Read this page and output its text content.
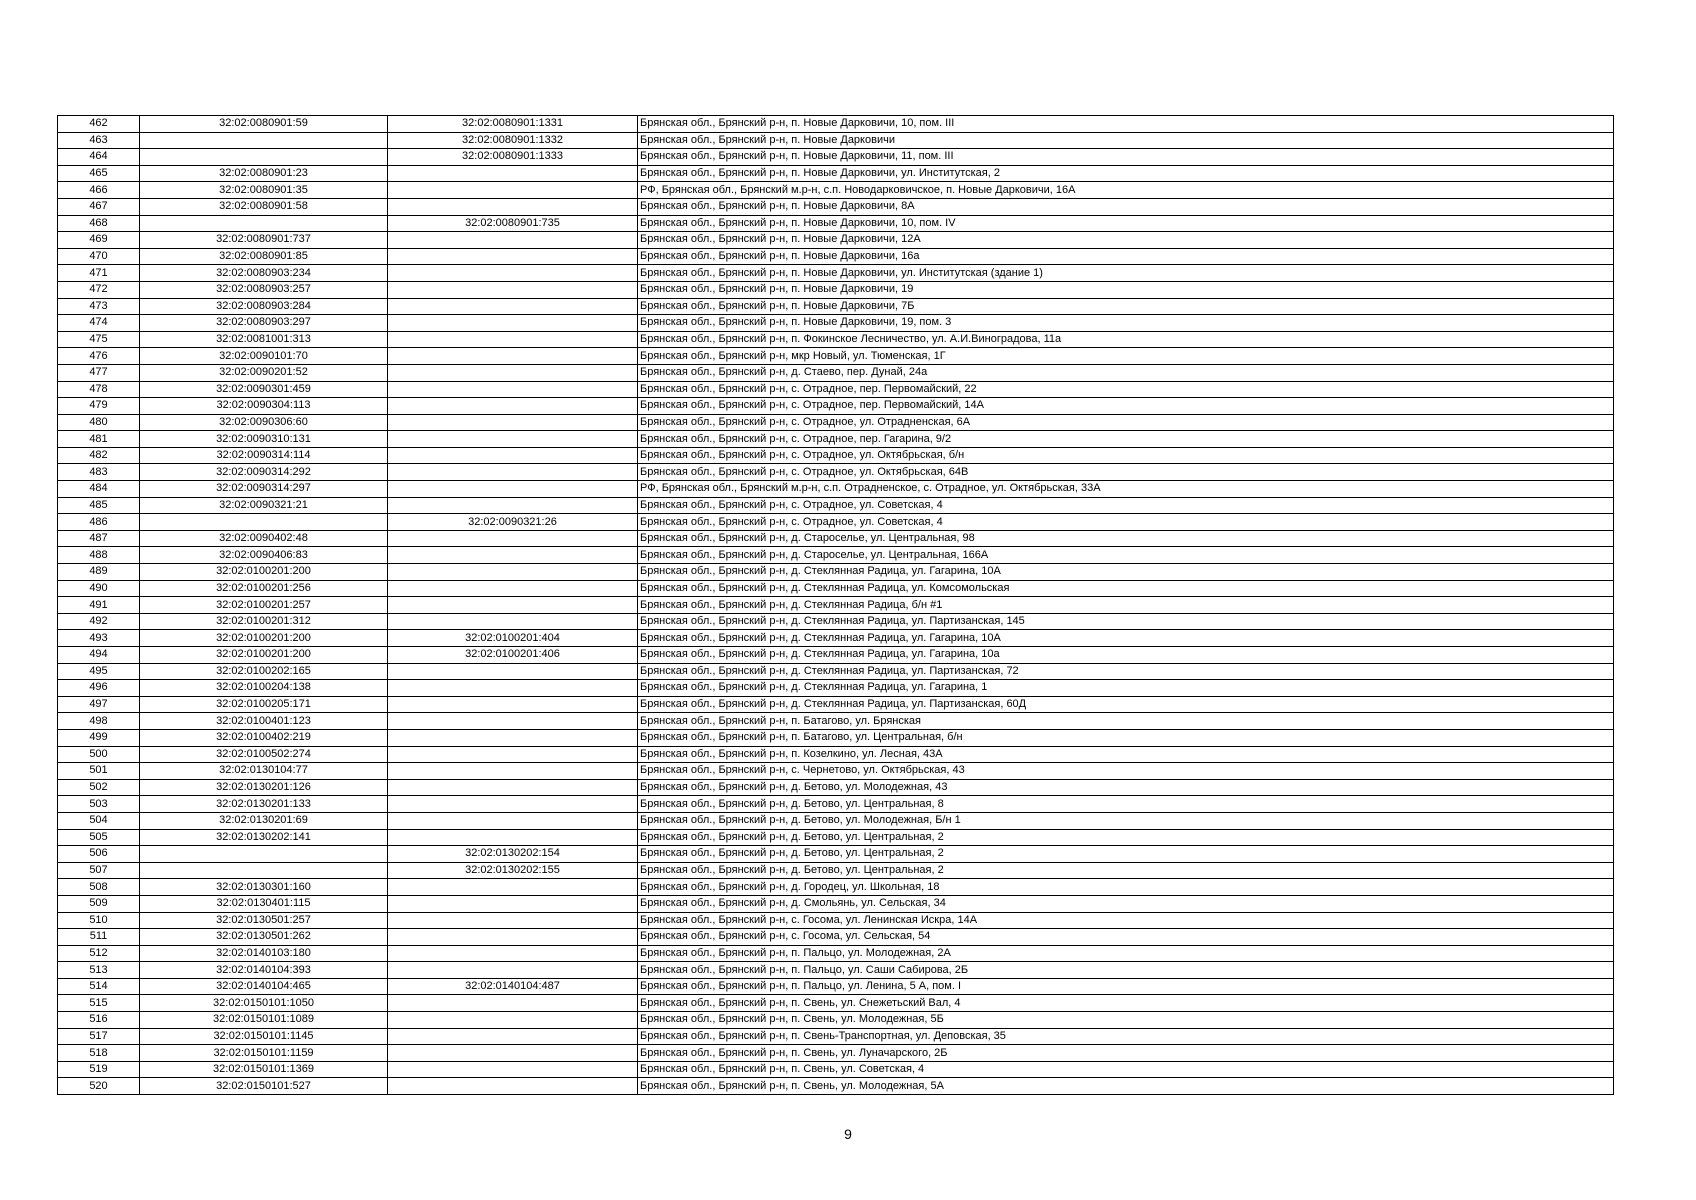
462	32:02:0080901:59	32:02:0080901:1331	Брянская обл., Брянский р-н, п. Новые Дарковичи, 10, пом. III
463		32:02:0080901:1332	Брянская обл., Брянский р-н, п. Новые Дарковичи
464		32:02:0080901:1333	Брянская обл., Брянский р-н, п. Новые Дарковичи, 11, пом. III
465	32:02:0080901:23		Брянская обл., Брянский р-н, п. Новые Дарковичи, ул. Институтская, 2
466	32:02:0080901:35		РФ, Брянская обл., Брянский м.р-н, с.п. Новодарковичское, п. Новые Дарковичи, 16А
467	32:02:0080901:58		Брянская обл., Брянский р-н, п. Новые Дарковичи, 8А
468		32:02:0080901:735	Брянская обл., Брянский р-н, п. Новые Дарковичи, 10, пом. IV
469	32:02:0080901:737		Брянская обл., Брянский р-н, п. Новые Дарковичи, 12А
470	32:02:0080901:85		Брянская обл., Брянский р-н, п. Новые Дарковичи, 16а
471	32:02:0080903:234		Брянская обл., Брянский р-н, п. Новые Дарковичи, ул. Институтская (здание 1)
472	32:02:0080903:257		Брянская обл., Брянский р-н, п. Новые Дарковичи, 19
473	32:02:0080903:284		Брянская обл., Брянский р-н, п. Новые Дарковичи, 7Б
474	32:02:0080903:297		Брянская обл., Брянский р-н, п. Новые Дарковичи, 19, пом. 3
475	32:02:0081001:313		Брянская обл., Брянский р-н, п. Фокинское Лесничество, ул. А.И.Виноградова, 11а
476	32:02:0090101:70		Брянская обл., Брянский р-н, мкр Новый, ул. Тюменская, 1Г
477	32:02:0090201:52		Брянская обл., Брянский р-н, д. Стаево, пер. Дунай, 24а
478	32:02:0090301:459		Брянская обл., Брянский р-н, с. Отрадное, пер. Первомайский, 22
479	32:02:0090304:113		Брянская обл., Брянский р-н, с. Отрадное, пер. Первомайский, 14А
480	32:02:0090306:60		Брянская обл., Брянский р-н, с. Отрадное, ул. Отрадненская, 6А
481	32:02:0090310:131		Брянская обл., Брянский р-н, с. Отрадное, пер. Гагарина, 9/2
482	32:02:0090314:114		Брянская обл., Брянский р-н, с. Отрадное, ул. Октябрьская, б/н
483	32:02:0090314:292		Брянская обл., Брянский р-н, с. Отрадное, ул. Октябрьская, 64В
484	32:02:0090314:297		РФ, Брянская обл., Брянский м.р-н, с.п. Отрадненское, с. Отрадное, ул. Октябрьская, 33А
485	32:02:0090321:21		Брянская обл., Брянский р-н, с. Отрадное, ул. Советская, 4
486		32:02:0090321:26	Брянская обл., Брянский р-н, с. Отрадное, ул. Советская, 4
487	32:02:0090402:48		Брянская обл., Брянский р-н, д. Староселье, ул. Центральная, 98
488	32:02:0090406:83		Брянская обл., Брянский р-н, д. Староселье, ул. Центральная, 166А
489	32:02:0100201:200		Брянская обл., Брянский р-н, д. Стеклянная Радица, ул. Гагарина, 10А
490	32:02:0100201:256		Брянская обл., Брянский р-н, д. Стеклянная Радица, ул. Комсомольская
491	32:02:0100201:257		Брянская обл., Брянский р-н, д. Стеклянная Радица, б/н #1
492	32:02:0100201:312		Брянская обл., Брянский р-н, д. Стеклянная Радица, ул. Партизанская, 145
493	32:02:0100201:200	32:02:0100201:404	Брянская обл., Брянский р-н, д. Стеклянная Радица, ул. Гагарина, 10А
494	32:02:0100201:200	32:02:0100201:406	Брянская обл., Брянский р-н, д. Стеклянная Радица, ул. Гагарина, 10а
495	32:02:0100202:165		Брянская обл., Брянский р-н, д. Стеклянная Радица, ул. Партизанская, 72
496	32:02:0100204:138		Брянская обл., Брянский р-н, д. Стеклянная Радица, ул. Гагарина, 1
497	32:02:0100205:171		Брянская обл., Брянский р-н, д. Стеклянная Радица, ул. Партизанская, 60Д
498	32:02:0100401:123		Брянская обл., Брянский р-н, п. Батагово, ул. Брянская
499	32:02:0100402:219		Брянская обл., Брянский р-н, п. Батагово, ул. Центральная, б/н
500	32:02:0100502:274		Брянская обл., Брянский р-н, п. Козелкино, ул. Лесная, 43А
501	32:02:0130104:77		Брянская обл., Брянский р-н, с. Чернетово, ул. Октябрьская, 43
502	32:02:0130201:126		Брянская обл., Брянский р-н, д. Бетово, ул. Молодежная, 43
503	32:02:0130201:133		Брянская обл., Брянский р-н, д. Бетово, ул. Центральная, 8
504	32:02:0130201:69		Брянская обл., Брянский р-н, д. Бетово, ул. Молодежная, Б/н 1
505	32:02:0130202:141		Брянская обл., Брянский р-н, д. Бетово, ул. Центральная, 2
506		32:02:0130202:154	Брянская обл., Брянский р-н, д. Бетово, ул. Центральная, 2
507		32:02:0130202:155	Брянская обл., Брянский р-н, д. Бетово, ул. Центральная, 2
508	32:02:0130301:160		Брянская обл., Брянский р-н, д. Городец, ул. Школьная, 18
509	32:02:0130401:115		Брянская обл., Брянский р-н, д. Смольянь, ул. Сельская, 34
510	32:02:0130501:257		Брянская обл., Брянский р-н, с. Госома, ул. Ленинская Искра, 14А
511	32:02:0130501:262		Брянская обл., Брянский р-н, с. Госома, ул. Сельская, 54
512	32:02:0140103:180		Брянская обл., Брянский р-н, п. Пальцо, ул. Молодежная, 2А
513	32:02:0140104:393		Брянская обл., Брянский р-н, п. Пальцо, ул. Саши Сабирова, 2Б
514	32:02:0140104:465	32:02:0140104:487	Брянская обл., Брянский р-н, п. Пальцо, ул. Ленина, 5 А, пом. I
515	32:02:0150101:1050		Брянская обл., Брянский р-н, п. Свень, ул. Снежетьский Вал, 4
516	32:02:0150101:1089		Брянская обл., Брянский р-н, п. Свень, ул. Молодежная, 5Б
517	32:02:0150101:1145		Брянская обл., Брянский р-н, п. Свень-Транспортная, ул. Деповская, 35
518	32:02:0150101:1159		Брянская обл., Брянский р-н, п. Свень, ул. Луначарского, 2Б
519	32:02:0150101:1369		Брянская обл., Брянский р-н, п. Свень, ул. Советская, 4
520	32:02:0150101:527		Брянская обл., Брянский р-н, п. Свень, ул. Молодежная, 5А
9
